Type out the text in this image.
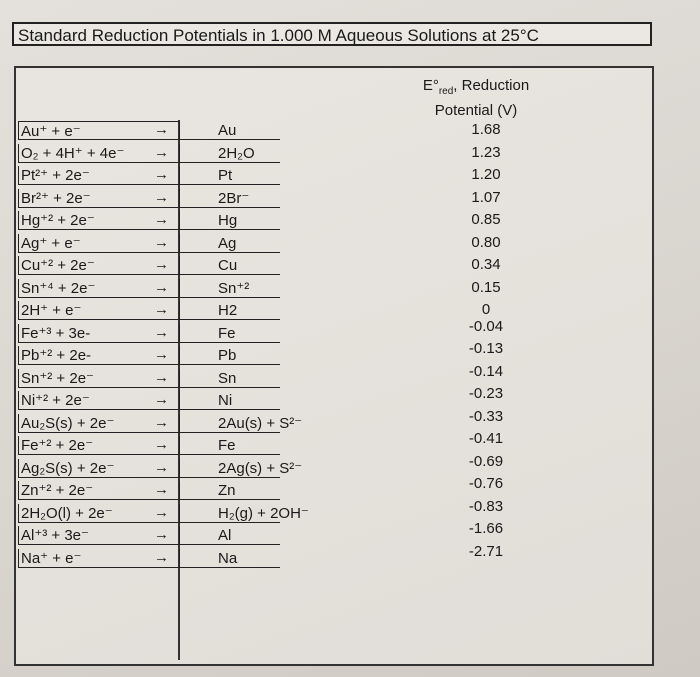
Standard Reduction Potentials in 1.000 M Aqueous Solutions at 25°C
$E^\circ_{red}$, Reduction
Potential (V)
Au⁺ + e⁻	→	Au	1.68
O₂ + 4H⁺ + 4e⁻	→	2H₂O	1.23
Pt²⁺ + 2e⁻	→	Pt	1.20
Br²⁺ + 2e⁻	→	2Br⁻	1.07
Hg⁺² + 2e⁻	→	Hg	0.85
Ag⁺ + e⁻	→	Ag	0.80
Cu⁺² + 2e⁻	→	Cu	0.34
Sn⁺⁴ + 2e⁻	→	Sn⁺²	0.15
2H⁺ + e⁻	→	H2	0
Fe⁺³ + 3e-	→	Fe	-0.04
Pb⁺² + 2e-	→	Pb	-0.13
Sn⁺² + 2e⁻	→	Sn	-0.14
Ni⁺² + 2e⁻	→	Ni	-0.23
Au₂S(s) + 2e⁻	→	2Au(s) + S²⁻	-0.33
Fe⁺² + 2e⁻	→	Fe	-0.41
Ag₂S(s) + 2e⁻	→	2Ag(s) + S²⁻	-0.69
Zn⁺² + 2e⁻	→	Zn	-0.76
2H₂O(l) + 2e⁻	→	H₂(g) + 2OH⁻	-0.83
Al⁺³ + 3e⁻	→	Al	-1.66
Na⁺ + e⁻	→	Na	-2.71
